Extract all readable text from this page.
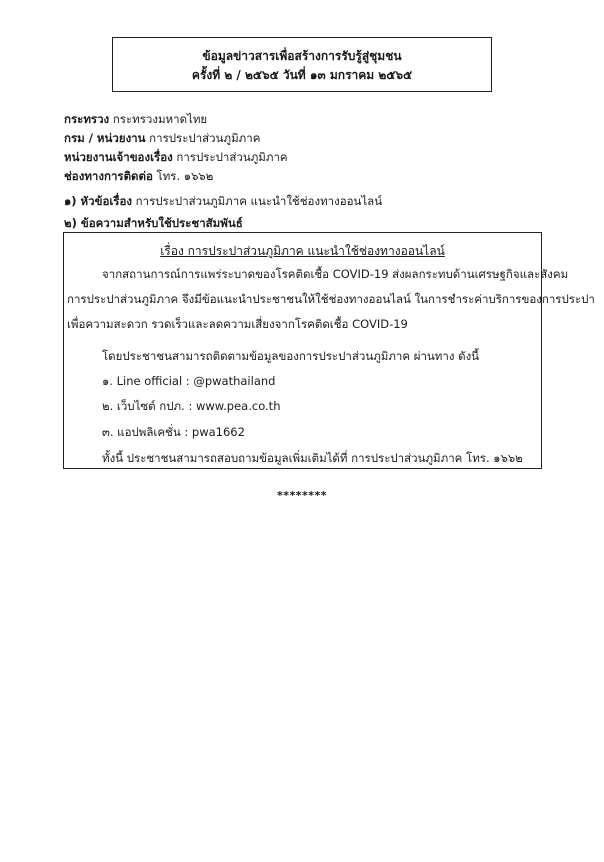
ข้อมูลข่าวสารเพื่อสร้างการรับรู้สู่ชุมชน
ครั้งที่ ๒ / ๒๕๖๕ วันที่ ๑๓ มกราคม ๒๕๖๕
กระทรวง กระทรวงมหาดไทย
กรม / หน่วยงาน การประปาส่วนภูมิภาค
หน่วยงานเจ้าของเรื่อง การประปาส่วนภูมิภาค
ช่องทางการติดต่อ โทร. ๑๖๖๒
๑) หัวข้อเรื่อง การประปาส่วนภูมิภาค แนะนำใช้ช่องทางออนไลน์
๒) ข้อความสำหรับใช้ประชาสัมพันธ์
เรื่อง การประปาส่วนภูมิภาค แนะนำใช้ช่องทางออนไลน์
จากสถานการณ์การแพร่ระบาดของโรคติดเชื้อ COVID-19 ส่งผลกระทบด้านเศรษฐกิจและสังคม
การประปาส่วนภูมิภาค จึงมีข้อแนะนำประชาชนให้ใช้ช่องทางออนไลน์ ในการชำระค่าบริการของการประปา
เพื่อความสะดวก รวดเร็วและลดความเสี่ยงจากโรคติดเชื้อ COVID-19
โดยประชาชนสามารถติดตามข้อมูลของการประปาส่วนภูมิภาค ผ่านทาง ดังนี้
๑. Line official : @pwathailand
๒. เว็บไซต์ กปภ. : www.pea.co.th
๓. แอปพลิเคชั่น : pwa1662
ทั้งนี้ ประชาชนสามารถสอบถามข้อมูลเพิ่มเติมได้ที่ การประปาส่วนภูมิภาค โทร. ๑๖๖๒
********
